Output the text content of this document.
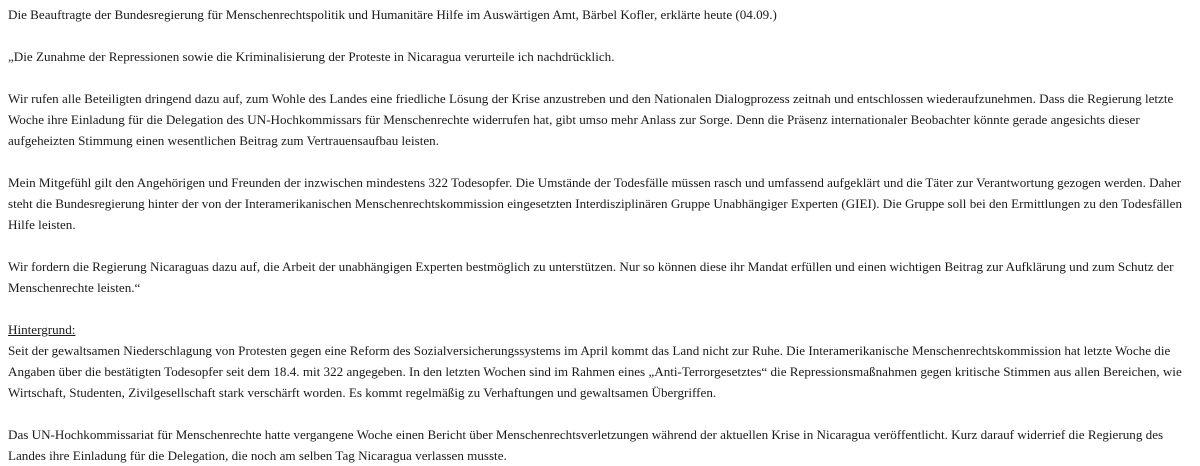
Die Beauftragte der Bundesregierung für Menschenrechtspolitik und Humanitäre Hilfe im Auswärtigen Amt, Bärbel Kofler, erklärte heute (04.09.)

„Die Zunahme der Repressionen sowie die Kriminalisierung der Proteste in Nicaragua verurteile ich nachdrücklich.

Wir rufen alle Beteiligten dringend dazu auf, zum Wohle des Landes eine friedliche Lösung der Krise anzustreben und den Nationalen Dialogprozess zeitnah und entschlossen wiederaufzunehmen. Dass die Regierung letzte Woche ihre Einladung für die Delegation des UN-Hochkommissars für Menschenrechte widerrufen hat, gibt umso mehr Anlass zur Sorge. Denn die Präsenz internationaler Beobachter könnte gerade angesichts dieser aufgeheizten Stimmung einen wesentlichen Beitrag zum Vertrauensaufbau leisten.

Mein Mitgefühl gilt den Angehörigen und Freunden der inzwischen mindestens 322 Todesopfer. Die Umstände der Todesfälle müssen rasch und umfassend aufgeklärt und die Täter zur Verantwortung gezogen werden. Daher steht die Bundesregierung hinter der von der Interamerikanischen Menschenrechtskommission eingesetzten Interdisziplinären Gruppe Unabhängiger Experten (GIEI). Die Gruppe soll bei den Ermittlungen zu den Todesfällen Hilfe leisten.

Wir fordern die Regierung Nicaraguas dazu auf, die Arbeit der unabhängigen Experten bestmöglich zu unterstützen. Nur so können diese ihr Mandat erfüllen und einen wichtigen Beitrag zur Aufklärung und zum Schutz der Menschenrechte leisten.“

Hintergrund:

Seit der gewaltsamen Niederschlagung von Protesten gegen eine Reform des Sozialversicherungssystems im April kommt das Land nicht zur Ruhe. Die Interamerikanische Menschenrechtskommission hat letzte Woche die Angaben über die bestätigten Todesopfer seit dem 18.4. mit 322 angegeben. In den letzten Wochen sind im Rahmen eines „Anti-Terrorgesetztes“ die Repressionsmaßnahmen gegen kritische Stimmen aus allen Bereichen, wie Wirtschaft, Studenten, Zivilgesellschaft stark verschärft worden. Es kommt regelmäßig zu Verhaftungen und gewaltsamen Übergriffen.

Das UN-Hochkommissariat für Menschenrechte hatte vergangene Woche einen Bericht über Menschenrechtsverletzungen während der aktuellen Krise in Nicaragua veröffentlicht. Kurz darauf widerrief die Regierung des Landes ihre Einladung für die Delegation, die noch am selben Tag Nicaragua verlassen musste.
